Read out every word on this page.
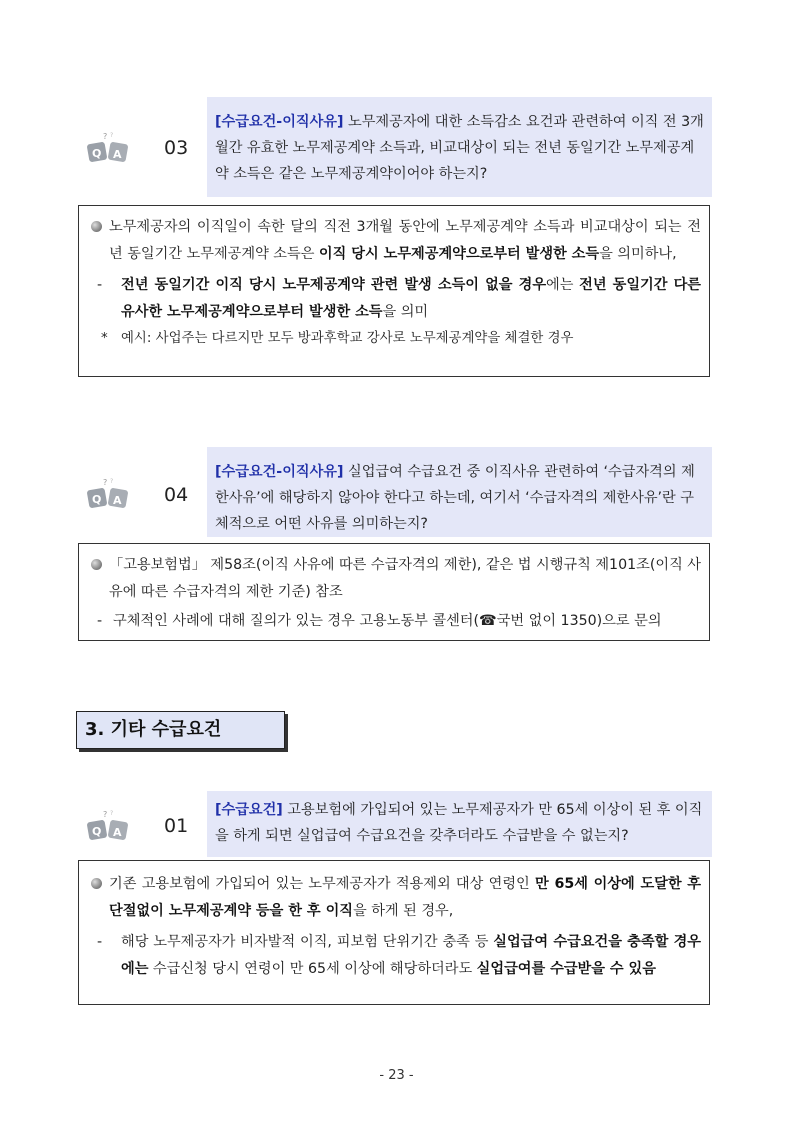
? ?
Q A 03
[수급요건-이직사유] 노무제공자에 대한 소득감소 요건과 관련하여 이직 전 3개월간 유효한 노무제공계약 소득과, 비교대상이 되는 전년 동일기간 노무제공계약 소득은 같은 노무제공계약이어야 하는지?
노무제공자의 이직일이 속한 달의 직전 3개월 동안에 노무제공계약 소득과 비교대상이 되는 전년 동일기간 노무제공계약 소득은 이직 당시 노무제공계약으로부터 발생한 소득을 의미하나,
- 전년 동일기간 이직 당시 노무제공계약 관련 발생 소득이 없을 경우에는 전년 동일기간 다른 유사한 노무제공계약으로부터 발생한 소득을 의미
* 예시: 사업주는 다르지만 모두 방과후학교 강사로 노무제공계약을 체결한 경우
? ?
Q A 04
[수급요건-이직사유] 실업급여 수급요건 중 이직사유 관련하여 ‘수급자격의 제한사유’에 해당하지 않아야 한다고 하는데, 여기서 ‘수급자격의 제한사유’란 구체적으로 어떤 사유를 의미하는지?
「고용보험법」 제58조(이직 사유에 따른 수급자격의 제한), 같은 법 시행규칙 제101조(이직 사유에 따른 수급자격의 제한 기준) 참조
- 구체적인 사례에 대해 질의가 있는 경우 고용노동부 콜센터(☎국번 없이 1350)으로 문의
3. 기타 수급요건
? ?
Q A 01
[수급요건] 고용보험에 가입되어 있는 노무제공자가 만 65세 이상이 된 후 이직을 하게 되면 실업급여 수급요건을 갖추더라도 수급받을 수 없는지?
기존 고용보험에 가입되어 있는 노무제공자가 적용제외 대상 연령인 만 65세 이상에 도달한 후 단절없이 노무제공계약 등을 한 후 이직을 하게 된 경우,
- 해당 노무제공자가 비자발적 이직, 피보험 단위기간 충족 등 실업급여 수급요건을 충족할 경우에는 수급신청 당시 연령이 만 65세 이상에 해당하더라도 실업급여를 수급받을 수 있음
- 23 -
